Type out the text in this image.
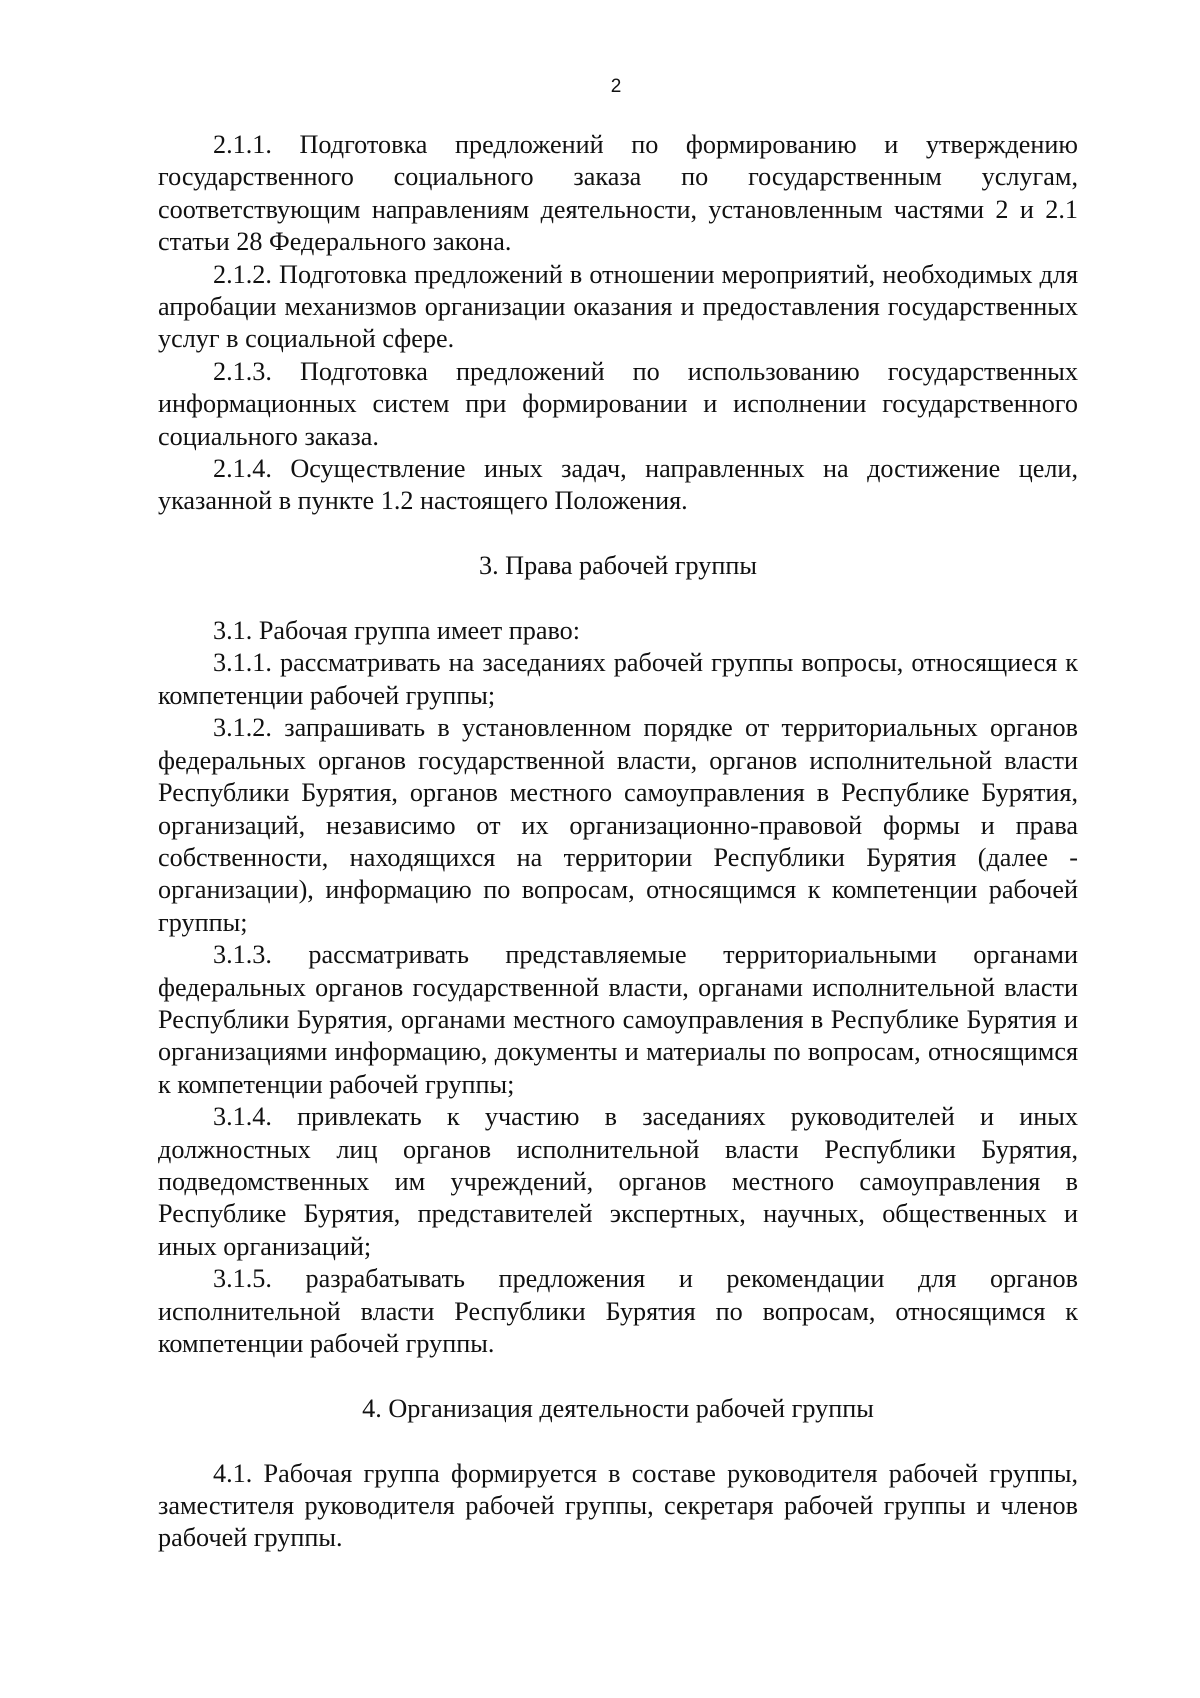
2

2.1.1. Подготовка предложений по формированию и утверждению государственного социального заказа по государственным услугам, соответствующим направлениям деятельности, установленным частями 2 и 2.1 статьи 28 Федерального закона.

2.1.2. Подготовка предложений в отношении мероприятий, необходимых для апробации механизмов организации оказания и предоставления государственных услуг в социальной сфере.

2.1.3. Подготовка предложений по использованию государственных информационных систем при формировании и исполнении государственного социального заказа.

2.1.4. Осуществление иных задач, направленных на достижение цели, указанной в пункте 1.2 настоящего Положения.

3. Права рабочей группы

3.1. Рабочая группа имеет право:

3.1.1. рассматривать на заседаниях рабочей группы вопросы, относящиеся к компетенции рабочей группы;

3.1.2. запрашивать в установленном порядке от территориальных органов федеральных органов государственной власти, органов исполнительной власти Республики Бурятия, органов местного самоуправления в Республике Бурятия, организаций, независимо от их организационно-правовой формы и права собственности, находящихся на территории Республики Бурятия (далее - организации), информацию по вопросам, относящимся к компетенции рабочей группы;

3.1.3. рассматривать представляемые территориальными органами федеральных органов государственной власти, органами исполнительной власти Республики Бурятия, органами местного самоуправления в Республике Бурятия и организациями информацию, документы и материалы по вопросам, относящимся к компетенции рабочей группы;

3.1.4. привлекать к участию в заседаниях руководителей и иных должностных лиц органов исполнительной власти Республики Бурятия, подведомственных им учреждений, органов местного самоуправления в Республике Бурятия, представителей экспертных, научных, общественных и иных организаций;

3.1.5. разрабатывать предложения и рекомендации для органов исполнительной власти Республики Бурятия по вопросам, относящимся к компетенции рабочей группы.

4. Организация деятельности рабочей группы

4.1. Рабочая группа формируется в составе руководителя рабочей группы, заместителя руководителя рабочей группы, секретаря рабочей группы и членов рабочей группы.
